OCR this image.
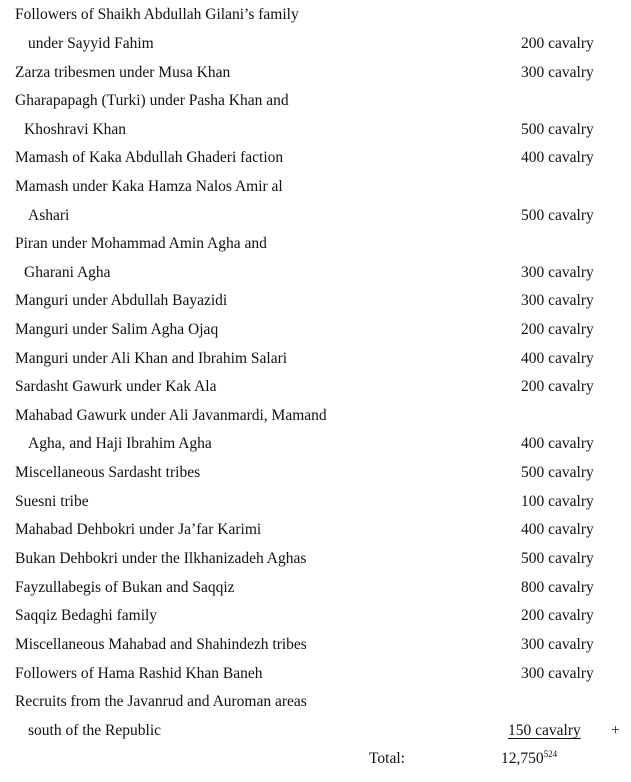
Followers of Shaikh Abdullah Gilani’s family
under Sayyid Fahim	200 cavalry
Zarza tribesmen under Musa Khan	300 cavalry
Gharapapagh (Turki) under Pasha Khan and
Khoshravi Khan	500 cavalry
Mamash of Kaka Abdullah Ghaderi faction	400 cavalry
Mamash under Kaka Hamza Nalos Amir al
Ashari	500 cavalry
Piran under Mohammad Amin Agha and
Gharani Agha	300 cavalry
Manguri under Abdullah Bayazidi	300 cavalry
Manguri under Salim Agha Ojaq	200 cavalry
Manguri under Ali Khan and Ibrahim Salari	400 cavalry
Sardasht Gawurk under Kak Ala	200 cavalry
Mahabad Gawurk under Ali Javanmardi, Mamand
Agha, and Haji Ibrahim Agha	400 cavalry
Miscellaneous Sardasht tribes	500 cavalry
Suesni tribe	100 cavalry
Mahabad Dehbokri under Ja’far Karimi	400 cavalry
Bukan Dehbokri under the Ilkhanizadeh Aghas	500 cavalry
Fayzullabegis of Bukan and Saqqiz	800 cavalry
Saqqiz Bedaghi family	200 cavalry
Miscellaneous Mahabad and Shahindezh tribes	300 cavalry
Followers of Hama Rashid Khan Baneh	300 cavalry
Recruits from the Javanrud and Auroman areas
south of the Republic	150 cavalry +
Total:	12,750$^{524}$
